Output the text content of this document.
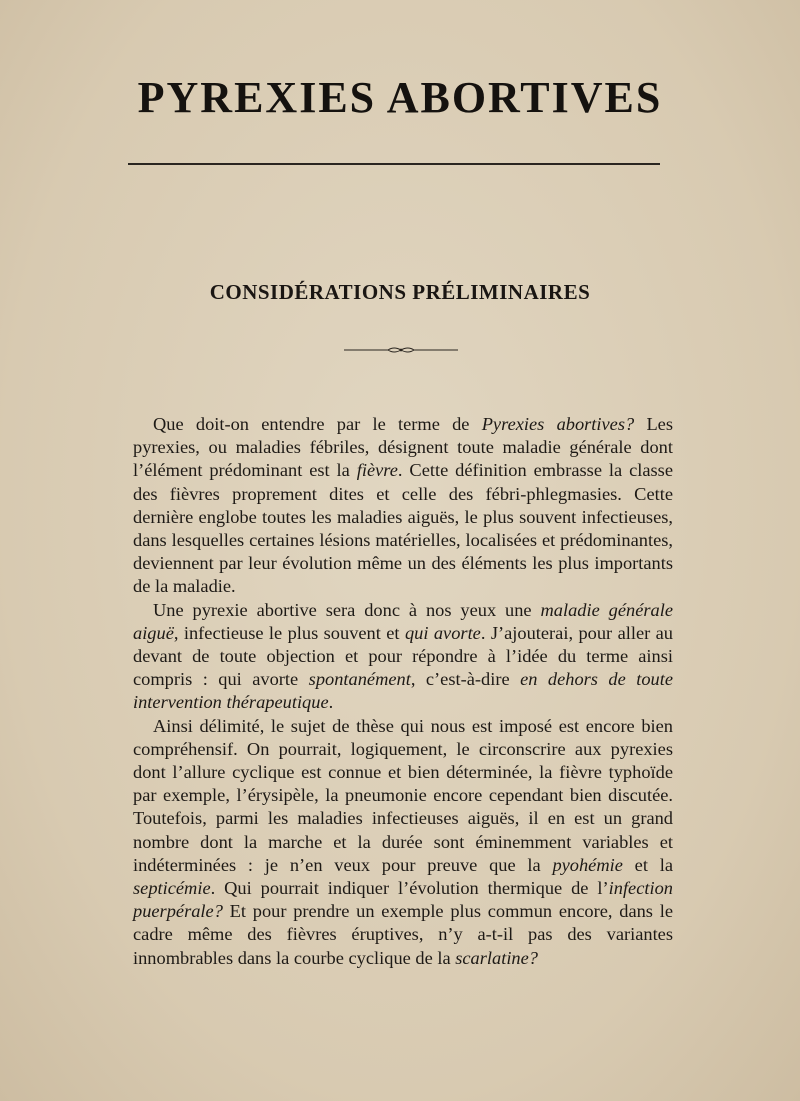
PYREXIES ABORTIVES
CONSIDÉRATIONS PRÉLIMINAIRES

Que doit-on entendre par le terme de Pyrexies abortives? Les pyrexies, ou maladies fébriles, désignent toute maladie générale dont l’élément prédominant est la fièvre. Cette définition embrasse la classe des fièvres proprement dites et celle des fébri-phlegmasies. Cette dernière englobe toutes les maladies aiguës, le plus souvent infectieuses, dans lesquelles certaines lésions matérielles, localisées et prédominantes, deviennent par leur évolution même un des éléments les plus importants de la maladie.

Une pyrexie abortive sera donc à nos yeux une maladie générale aiguë, infectieuse le plus souvent et qui avorte. J’ajouterai, pour aller au devant de toute objection et pour répondre à l’idée du terme ainsi compris : qui avorte spontanément, c’est-à-dire en dehors de toute intervention thérapeutique.

Ainsi délimité, le sujet de thèse qui nous est imposé est encore bien compréhensif. On pourrait, logiquement, le circonscrire aux pyrexies dont l’allure cyclique est connue et bien déterminée, la fièvre typhoïde par exemple, l’érysipèle, la pneumonie encore cependant bien discutée. Toutefois, parmi les maladies infectieuses aiguës, il en est un grand nombre dont la marche et la durée sont éminemment variables et indéterminées : je n’en veux pour preuve que la pyohémie et la septicémie. Qui pourrait indiquer l’évolution thermique de l’infection puerpérale? Et pour prendre un exemple plus commun encore, dans le cadre même des fièvres éruptives, n’y a-t-il pas des variantes innombrables dans la courbe cyclique de la scarlatine?
